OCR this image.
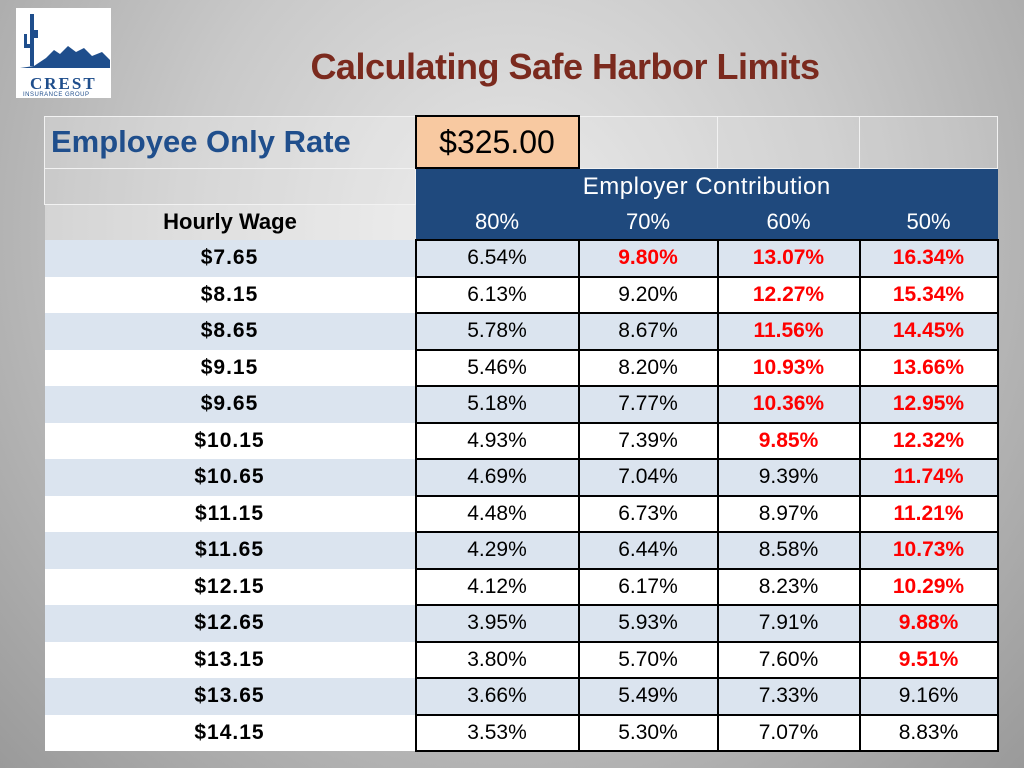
CREST
INSURANCE GROUP
Calculating Safe Harbor Limits
Employee Only Rate	$325.00			
	Employer Contribution			
Hourly Wage	80%	70%	60%	50%
$7.65	6.54%	9.80%	13.07%	16.34%
$8.15	6.13%	9.20%	12.27%	15.34%
$8.65	5.78%	8.67%	11.56%	14.45%
$9.15	5.46%	8.20%	10.93%	13.66%
$9.65	5.18%	7.77%	10.36%	12.95%
$10.15	4.93%	7.39%	9.85%	12.32%
$10.65	4.69%	7.04%	9.39%	11.74%
$11.15	4.48%	6.73%	8.97%	11.21%
$11.65	4.29%	6.44%	8.58%	10.73%
$12.15	4.12%	6.17%	8.23%	10.29%
$12.65	3.95%	5.93%	7.91%	9.88%
$13.15	3.80%	5.70%	7.60%	9.51%
$13.65	3.66%	5.49%	7.33%	9.16%
$14.15	3.53%	5.30%	7.07%	8.83%
